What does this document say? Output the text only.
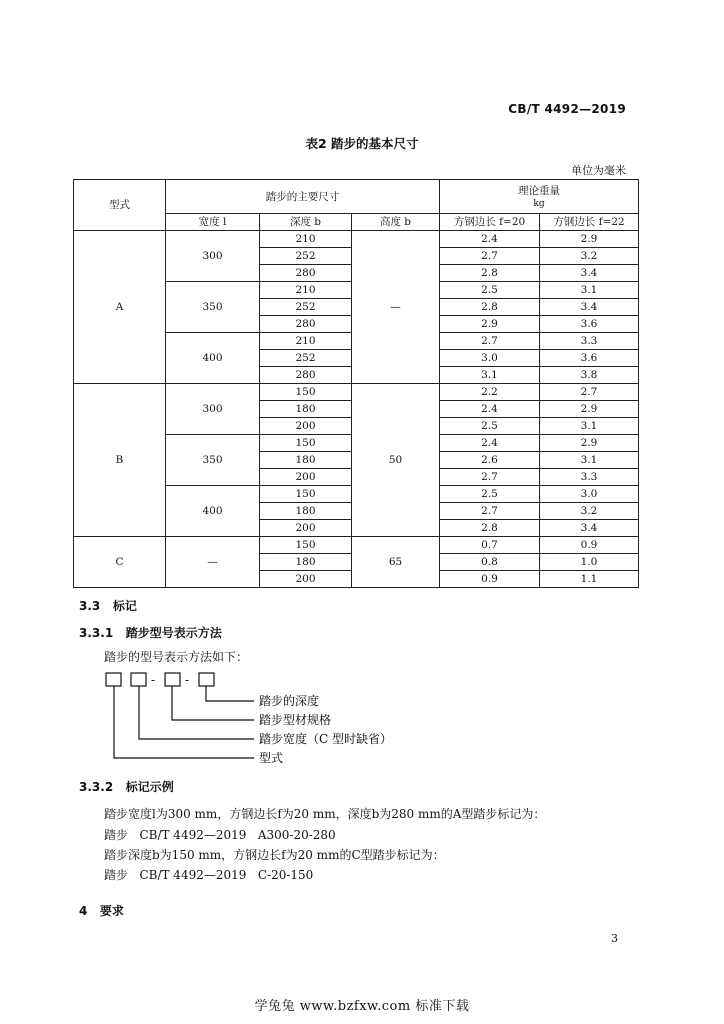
CB/T 4492—2019
表2 踏步的基本尺寸
单位为毫米
型式	踏步的主要尺寸			理论重量
kg	

	宽度 l	深度 b	高度 b	方钢边长 f=20	方钢边长 f=22
A	300	210	—	2.4	2.9
		252		2.7	3.2
		280		2.8	3.4
	350	210		2.5	3.1
		252		2.8	3.4
		280		2.9	3.6
	400	210		2.7	3.3
		252		3.0	3.6
		280		3.1	3.8
B	300	150	50	2.2	2.7
		180		2.4	2.9
		200		2.5	3.1
	350	150		2.4	2.9
		180		2.6	3.1
		200		2.7	3.3
	400	150		2.5	3.0
		180		2.7	3.2
		200		2.8	3.4
C	—	150	65	0.7	0.9
		180		0.8	1.0
		200		0.9	1.1
3.3 标记
3.3.1 踏步型号表示方法
踏步的型号表示方法如下：
- -
踏步的深度
踏步型材规格
踏步宽度（C 型时缺省）
型式
3.3.2 标记示例
踏步宽度l为300 mm，方钢边长f为20 mm，深度b为280 mm的A型踏步标记为：
踏步   CB/T 4492—2019   A300-20-280
踏步深度b为150 mm，方钢边长f为20 mm的C型踏步标记为：
踏步   CB/T 4492—2019   C-20-150
4 要求
3
学兔兔 www.bzfxw.com 标准下载
